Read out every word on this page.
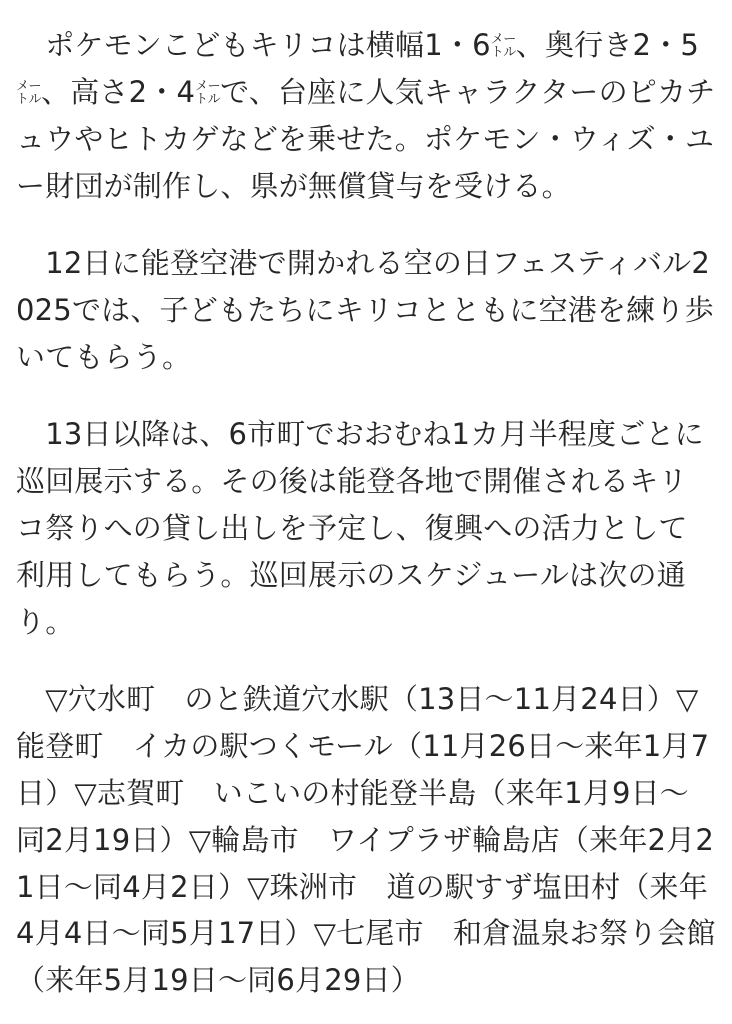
　ポケモンこどもキリコは横幅1・6 メー
トル 、奥行き2・5
メー
トル 、高さ2・4 メー
トル で、台座に人気キャラクターのピカチュウやヒトカゲなどを乗せた。ポケモン・ウィズ・ユー財団が制作し、県が無償貸与を受ける。
　12日に能登空港で開かれる空の日フェスティバル2025では、子どもたちにキリコとともに空港を練り歩いてもらう。
　13日以降は、6市町でおおむね1カ月半程度ごとに巡回展示する。その後は能登各地で開催されるキリコ祭りへの貸し出しを予定し、復興への活力として利用してもらう。巡回展示のスケジュールは次の通り。
　▽穴水町　のと鉄道穴水駅（13日〜11月24日）▽能登町　イカの駅つくモール（11月26日〜来年1月7日）▽志賀町　いこいの村能登半島（来年1月9日〜同2月19日）▽輪島市　ワイプラザ輪島店（来年2月21日〜同4月2日）▽珠洲市　道の駅すず塩田村（来年4月4日〜同5月17日）▽七尾市　和倉温泉お祭り会館（来年5月19日〜同6月29日）
